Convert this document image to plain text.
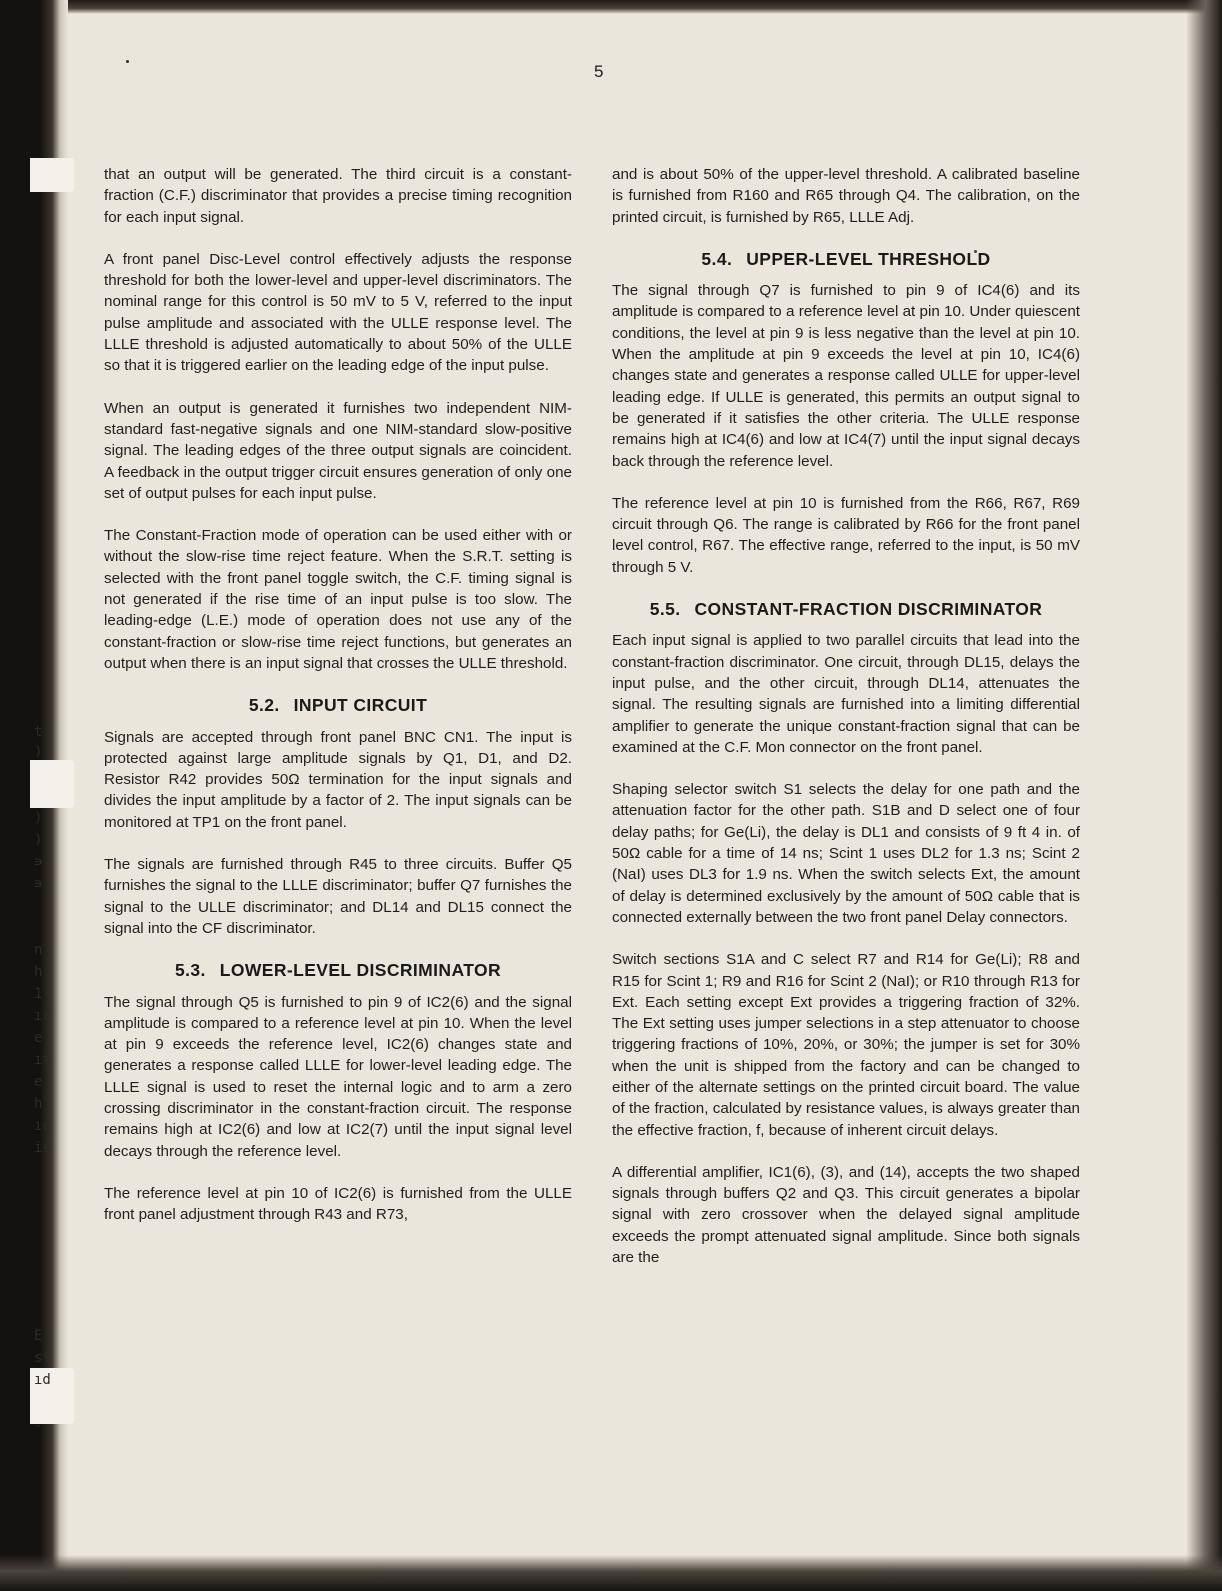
t
)
)
)
∍
∍
n
h
1
ır
e
ıt
e
h
ıe
is
E)
st
ıd
-.
5

that an output will be generated. The third circuit is a constant-fraction (C.F.) discriminator that provides a precise timing recognition for each input signal.

A front panel Disc-Level control effectively adjusts the response threshold for both the lower-level and upper-level discriminators. The nominal range for this control is 50 mV to 5 V, referred to the input pulse amplitude and associated with the ULLE response level. The LLLE threshold is adjusted automatically to about 50% of the ULLE so that it is triggered earlier on the leading edge of the input pulse.

When an output is generated it furnishes two independent NIM-standard fast-negative signals and one NIM-standard slow-positive signal. The leading edges of the three output signals are coincident. A feedback in the output trigger circuit ensures generation of only one set of output pulses for each input pulse.

The Constant-Fraction mode of operation can be used either with or without the slow-rise time reject feature. When the S.R.T. setting is selected with the front panel toggle switch, the C.F. timing signal is not generated if the rise time of an input pulse is too slow. The leading-edge (L.E.) mode of operation does not use any of the constant-fraction or slow-rise time reject functions, but generates an output when there is an input signal that crosses the ULLE threshold.

5.2. INPUT CIRCUIT

Signals are accepted through front panel BNC CN1. The input is protected against large amplitude signals by Q1, D1, and D2. Resistor R42 provides 50Ω termination for the input signals and divides the input amplitude by a factor of 2. The input signals can be monitored at TP1 on the front panel.

The signals are furnished through R45 to three circuits. Buffer Q5 furnishes the signal to the LLLE discriminator; buffer Q7 furnishes the signal to the ULLE discriminator; and DL14 and DL15 connect the signal into the CF discriminator.

5.3. LOWER-LEVEL DISCRIMINATOR

The signal through Q5 is furnished to pin 9 of IC2(6) and the signal amplitude is compared to a reference level at pin 10. When the level at pin 9 exceeds the reference level, IC2(6) changes state and generates a response called LLLE for lower-level leading edge. The LLLE signal is used to reset the internal logic and to arm a zero crossing discriminator in the constant-fraction circuit. The response remains high at IC2(6) and low at IC2(7) until the input signal level decays through the reference level.

The reference level at pin 10 of IC2(6) is furnished from the ULLE front panel adjustment through R43 and R73,

and is about 50% of the upper-level threshold. A calibrated baseline is furnished from R160 and R65 through Q4. The calibration, on the printed circuit, is furnished by R65, LLLE Adj.

5.4. UPPER-LEVEL THRESHOLD

The signal through Q7 is furnished to pin 9 of IC4(6) and its amplitude is compared to a reference level at pin 10. Under quiescent conditions, the level at pin 9 is less negative than the level at pin 10. When the amplitude at pin 9 exceeds the level at pin 10, IC4(6) changes state and generates a response called ULLE for upper-level leading edge. If ULLE is generated, this permits an output signal to be generated if it satisfies the other criteria. The ULLE response remains high at IC4(6) and low at IC4(7) until the input signal decays back through the reference level.

The reference level at pin 10 is furnished from the R66, R67, R69 circuit through Q6. The range is calibrated by R66 for the front panel level control, R67. The effective range, referred to the input, is 50 mV through 5 V.

5.5. CONSTANT-FRACTION DISCRIMINATOR

Each input signal is applied to two parallel circuits that lead into the constant-fraction discriminator. One circuit, through DL15, delays the input pulse, and the other circuit, through DL14, attenuates the signal. The resulting signals are furnished into a limiting differential amplifier to generate the unique constant-fraction signal that can be examined at the C.F. Mon connector on the front panel.

Shaping selector switch S1 selects the delay for one path and the attenuation factor for the other path. S1B and D select one of four delay paths; for Ge(Li), the delay is DL1 and consists of 9 ft 4 in. of 50Ω cable for a time of 14 ns; Scint 1 uses DL2 for 1.3 ns; Scint 2 (NaI) uses DL3 for 1.9 ns. When the switch selects Ext, the amount of delay is determined exclusively by the amount of 50Ω cable that is connected externally between the two front panel Delay connectors.

Switch sections S1A and C select R7 and R14 for Ge(Li); R8 and R15 for Scint 1; R9 and R16 for Scint 2 (NaI); or R10 through R13 for Ext. Each setting except Ext provides a triggering fraction of 32%. The Ext setting uses jumper selections in a step attenuator to choose triggering fractions of 10%, 20%, or 30%; the jumper is set for 30% when the unit is shipped from the factory and can be changed to either of the alternate settings on the printed circuit board. The value of the fraction, calculated by resistance values, is always greater than the effective fraction, f, because of inherent circuit delays.

A differential amplifier, IC1(6), (3), and (14), accepts the two shaped signals through buffers Q2 and Q3. This circuit generates a bipolar signal with zero crossover when the delayed signal amplitude exceeds the prompt attenuated signal amplitude. Since both signals are the
